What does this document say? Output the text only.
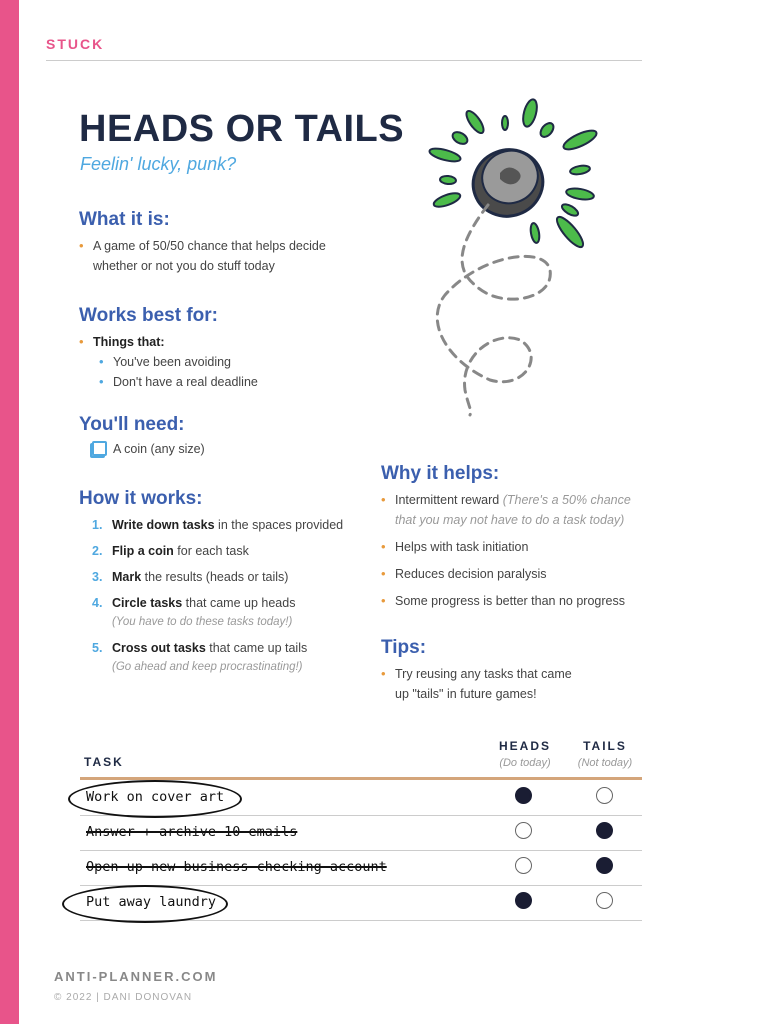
STUCK
HEADS OR TAILS
Feelin' lucky, punk?
What it is:
• A game of 50/50 chance that helps decide whether or not you do stuff today
Works best for:
• Things that:
• You've been avoiding
• Don't have a real deadline
You'll need:
A coin (any size)
How it works:
1. Write down tasks in the spaces provided
2. Flip a coin for each task
3. Mark the results (heads or tails)
4. Circle tasks that came up heads
(You have to do these tasks today!)
5. Cross out tasks that came up tails
(Go ahead and keep procrastinating!)
Why it helps:
• Intermittent reward (There's a 50% chance that you may not have to do a task today)
• Helps with task initiation
• Reduces decision paralysis
• Some progress is better than no progress
Tips:
• Try reusing any tasks that came up "tails" in future games!
TASK
HEADS
(Do today)
TAILS
(Not today)
Work on cover art
Answer + archive 10 emails
Open up new business checking account
Put away laundry
ANTI-PLANNER.COM
© 2022 | DANI DONOVAN
